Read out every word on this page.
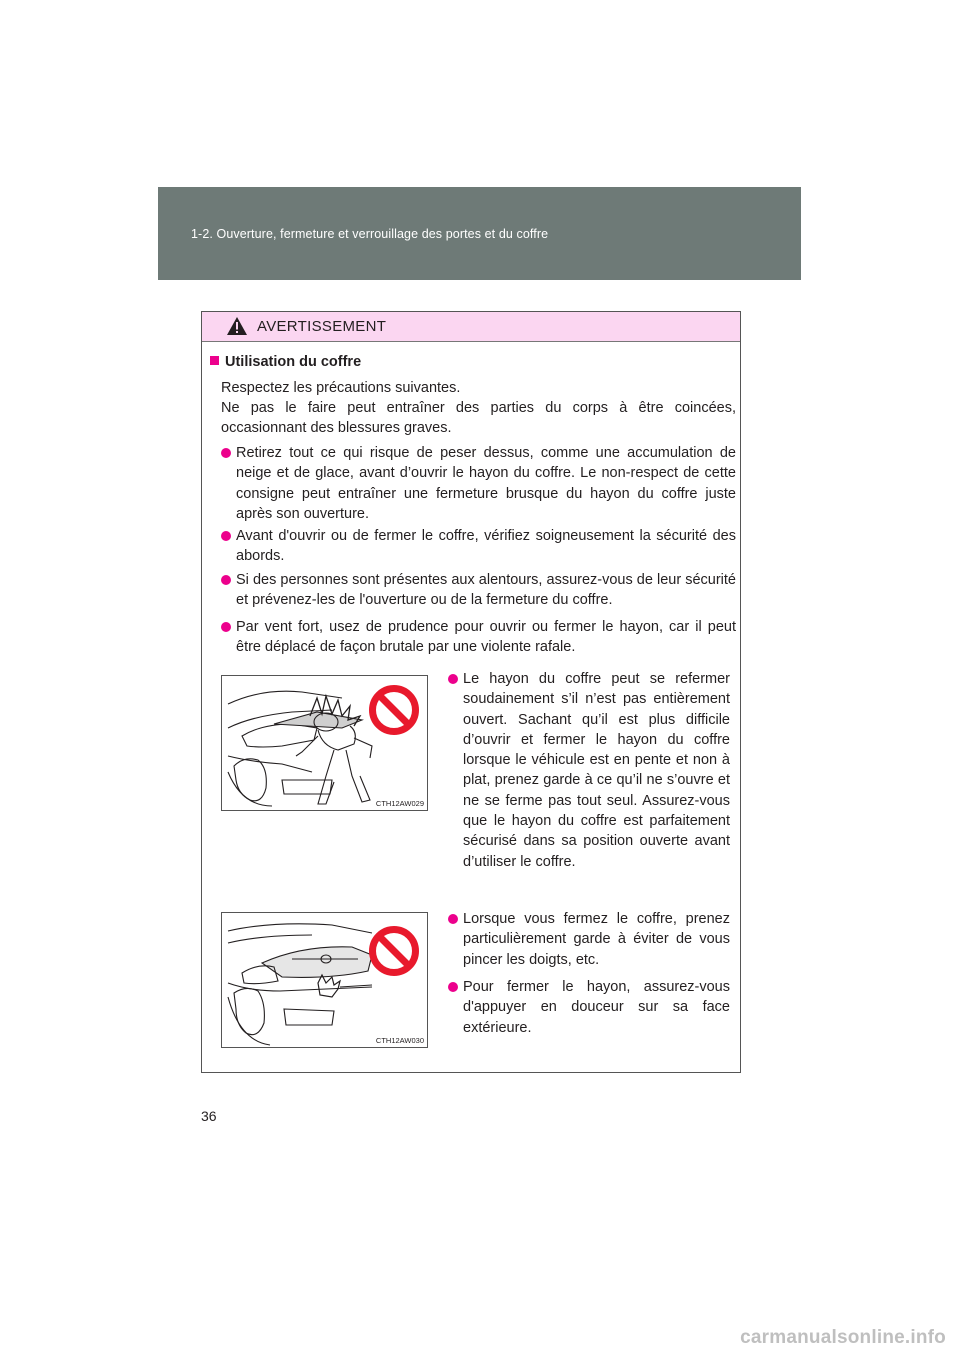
1-2. Ouverture, fermeture et verrouillage des portes et du coffre
AVERTISSEMENT
Utilisation du coffre
Respectez les précautions suivantes.
Ne pas le faire peut entraîner des parties du corps à être coincées, occasionnant des blessures graves.
Retirez tout ce qui risque de peser dessus, comme une accumulation de neige et de glace, avant d’ouvrir le hayon du coffre. Le non-respect de cette consigne peut entraîner une fermeture brusque du hayon du coffre juste après son ouverture.
Avant d'ouvrir ou de fermer le coffre, vérifiez soigneusement la sécurité des abords.
Si des personnes sont présentes aux alentours, assurez-vous de leur sécurité et prévenez-les de l'ouverture ou de la fermeture du coffre.
Par vent fort, usez de prudence pour ouvrir ou fermer le hayon, car il peut être déplacé de façon brutale par une violente rafale.
CTH12AW029
Le hayon du coffre peut se refermer soudainement s’il n’est pas entièrement ouvert. Sachant qu’il est plus difficile d’ouvrir et fermer le hayon du coffre lorsque le véhicule est en pente et non à plat, prenez garde à ce qu’il ne s’ouvre et ne se ferme pas tout seul. Assurez-vous que le hayon du coffre est parfaitement sécurisé dans sa position ouverte avant d’utiliser le coffre.
CTH12AW030
Lorsque vous fermez le coffre, prenez particulièrement garde à éviter de vous pincer les doigts, etc.
Pour fermer le hayon, assurez-vous d'appuyer en douceur sur sa face extérieure.
36
carmanualsonline.info
